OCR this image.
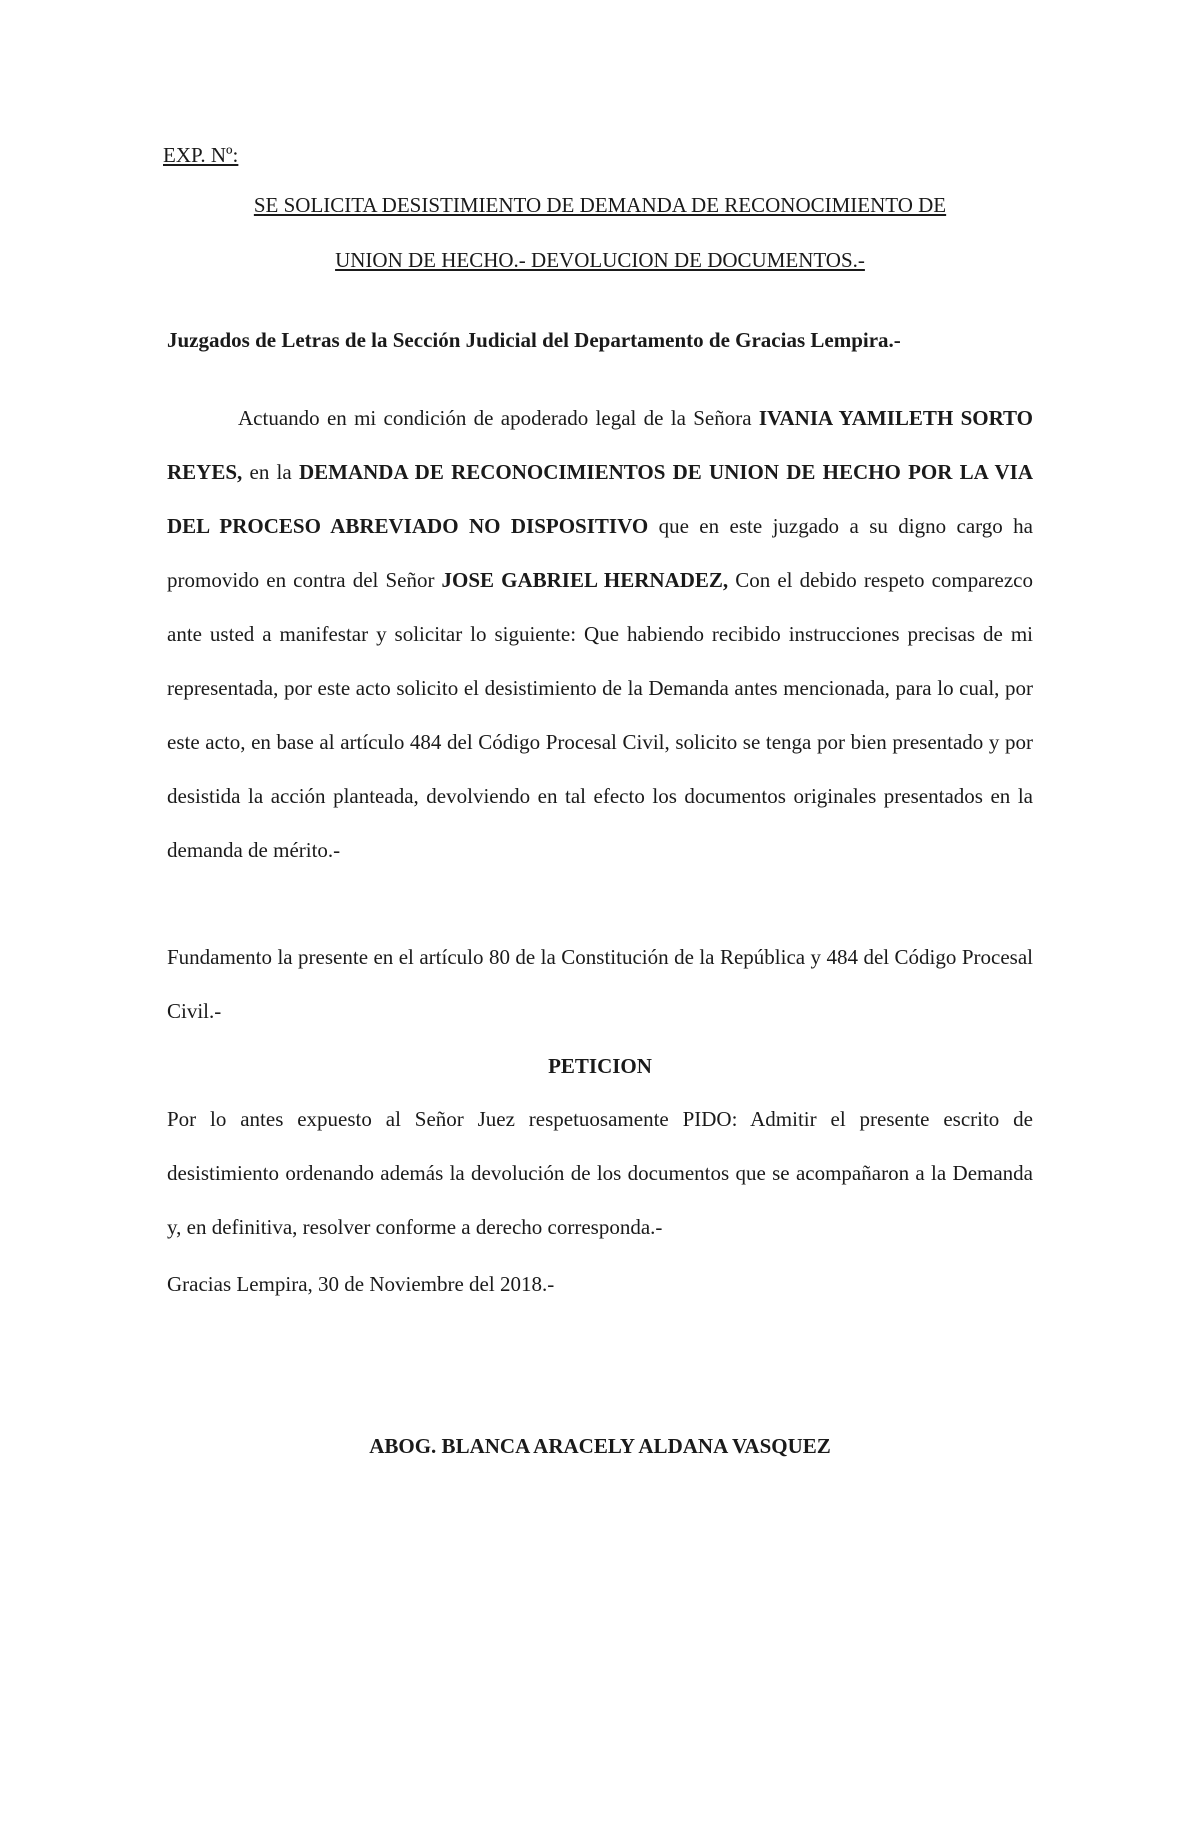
EXP. Nº:
SE SOLICITA DESISTIMIENTO DE DEMANDA DE RECONOCIMIENTO DE
UNION DE HECHO.- DEVOLUCION DE DOCUMENTOS.-
Juzgados de Letras de la Sección Judicial del Departamento de Gracias Lempira.-
Actuando en mi condición de apoderado legal de la Señora IVANIA YAMILETH SORTO REYES, en la DEMANDA DE RECONOCIMIENTOS DE UNION DE HECHO POR LA VIA DEL PROCESO ABREVIADO NO DISPOSITIVO que en este juzgado a su digno cargo ha promovido en contra del Señor JOSE GABRIEL HERNADEZ, Con el debido respeto comparezco ante usted a manifestar y solicitar lo siguiente: Que habiendo recibido instrucciones precisas de mi representada, por este acto solicito el desistimiento de la Demanda antes mencionada, para lo cual, por este acto, en base al artículo 484 del Código Procesal Civil, solicito se tenga por bien presentado y por desistida la acción planteada, devolviendo en tal efecto los documentos originales presentados en la demanda de mérito.-
Fundamento la presente en el artículo 80 de la Constitución de la República y 484 del Código Procesal Civil.-
PETICION
Por lo antes expuesto al Señor Juez respetuosamente PIDO: Admitir el presente escrito de desistimiento ordenando además la devolución de los documentos que se acompañaron a la Demanda y, en definitiva, resolver conforme a derecho corresponda.-
Gracias Lempira, 30 de Noviembre del 2018.-
ABOG. BLANCA ARACELY ALDANA VASQUEZ
